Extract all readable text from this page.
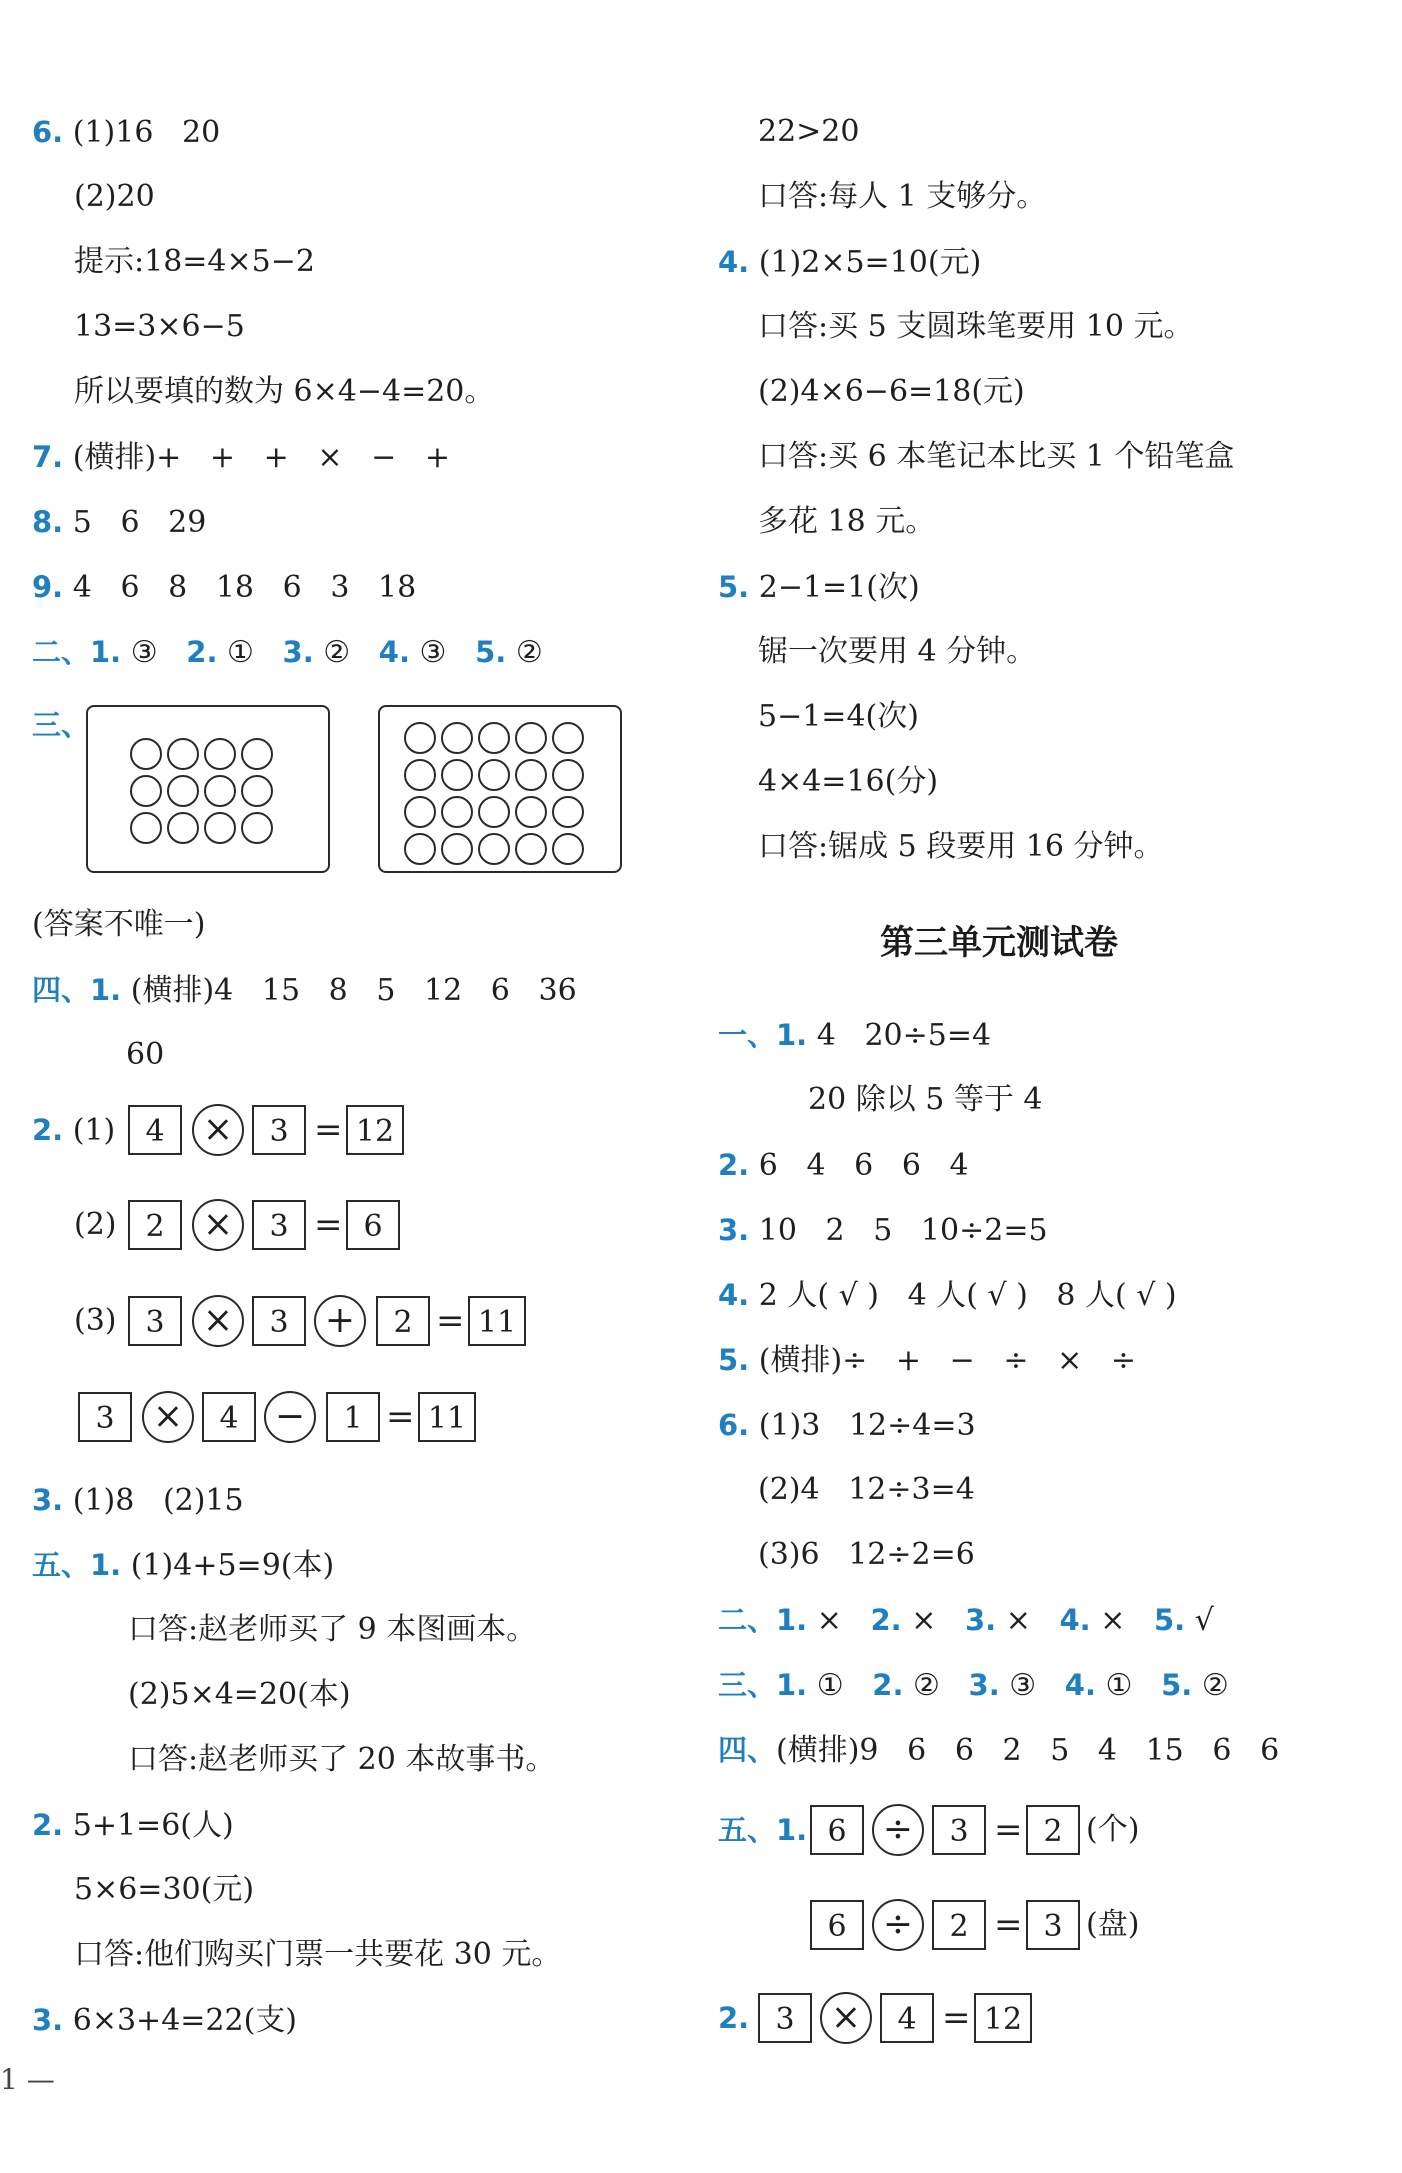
6. (1)16   20
(2)20
提示:18=4×5−2
13=3×6−5
所以要填的数为 6×4−4=20。
7. (横排)+   +   +   ×   −   +
8. 5   6   29
9. 4   6   8   18   6   3   18
二、1. ③ 2. ① 3. ② 4. ③ 5. ②
三、
(答案不唯一)
四、1. (横排)4   15   8   5   12   6   36
60
2. (1)	4	×	3 = 12
(2) 2	×	3 = 6
(3) 3	×	3	+	2 = 11
3	×	4	−	1 = 11
3. (1)8   (2)15
五、1. (1)4+5=9(本)
口答:赵老师买了 9 本图画本。
(2)5×4=20(本)
口答:赵老师买了 20 本故事书。
2. 5+1=6(人)
5×6=30(元)
口答:他们购买门票一共要花 30 元。
3. 6×3+4=22(支)
1 —
22>20
口答:每人 1 支够分。
4. (1)2×5=10(元)
口答:买 5 支圆珠笔要用 10 元。
(2)4×6−6=18(元)
口答:买 6 本笔记本比买 1 个铅笔盒
多花 18 元。
5. 2−1=1(次)
锯一次要用 4 分钟。
5−1=4(次)
4×4=16(分)
口答:锯成 5 段要用 16 分钟。
第三单元测试卷
一、1. 4   20÷5=4
20 除以 5 等于 4
2. 6   4   6   6   4
3. 10   2   5   10÷2=5
4. 2 人( √ )   4 人( √ )   8 人( √ )
5. (横排)÷   +   −   ÷   ×   ÷
6. (1)3   12÷4=3
(2)4   12÷3=4
(3)6   12÷2=6
二、1. × 2. × 3. × 4. × 5. √
三、1. ① 2. ② 3. ③ 4. ① 5. ②
四、(横排)9   6   6   2   5   4   15   6   6
五、1. 6	÷	3 = 2 (个)
6	÷	2 = 3 (盘)
2. 3	×	4 = 12
